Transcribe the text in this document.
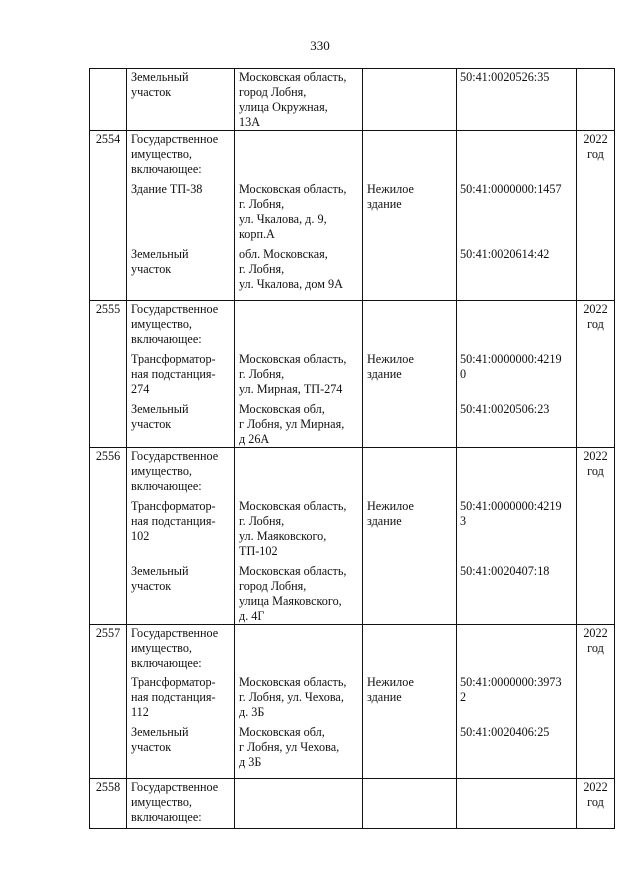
330
	Земельный
участок	Московская область,
город Лобня,
улица Окружная,
13А		50:41:0020526:35	
2554	Государственное
имущество,
включающее:				2022
год
	Здание ТП-38	Московская область,
г. Лобня,
ул. Чкалова, д. 9,
корп.А	Нежилое
здание	50:41:0000000:1457	
	Земельный
участок	обл. Московская,
г. Лобня,
ул. Чкалова, дом 9А		50:41:0020614:42	
2555	Государственное
имущество,
включающее:				2022
год
	Трансформатор-
ная подстанция-
274	Московская область,
г. Лобня,
ул. Мирная, ТП-274	Нежилое
здание	50:41:0000000:4219
0	
	Земельный
участок	Московская обл,
г Лобня, ул Мирная,
д 26А		50:41:0020506:23	
2556	Государственное
имущество,
включающее:				2022
год
	Трансформатор-
ная подстанция-
102	Московская область,
г. Лобня,
ул. Маяковского,
ТП-102	Нежилое
здание	50:41:0000000:4219
3	
	Земельный
участок	Московская область,
город Лобня,
улица Маяковского,
д. 4Г		50:41:0020407:18	
2557	Государственное
имущество,
включающее:				2022
год
	Трансформатор-
ная подстанция-
112	Московская область,
г. Лобня, ул. Чехова,
д. 3Б	Нежилое
здание	50:41:0000000:3973
2	
	Земельный
участок	Московская обл,
г Лобня, ул Чехова,
д 3Б		50:41:0020406:25	
2558	Государственное
имущество,
включающее:				2022
год
